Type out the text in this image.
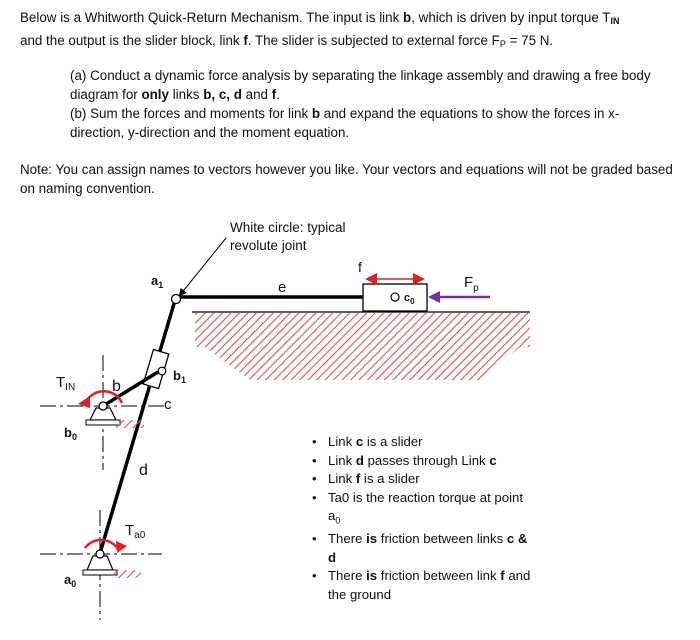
Below is a Whitworth Quick-Return Mechanism. The input is link b, which is driven by input torque $T_{IN}$

and the output is the slider block, link f. The slider is subjected to external force $F_P = 75$ N.

(a) Conduct a dynamic force analysis by separating the linkage assembly and drawing a free body diagram for only links b, c, d and f.

(b) Sum the forces and moments for link b and expand the equations to show the forces in x-direction, y-direction and the moment equation.

Note: You can assign names to vectors however you like. Your vectors and equations will not be graded based on naming convention.

White circle: typical
revolute joint
$c_0$
f
$F_p$
e
$a_1$
$b_1$
c
b
$b_0$
$T_{IN}$
d
$a_0$
$T_{a0}$
• Link c is a slider
• Link d passes through Link c
• Link f is a slider
• Ta0 is the reaction torque at point $a_0$
• There is friction between links c & d
• There is friction between link f and the ground
